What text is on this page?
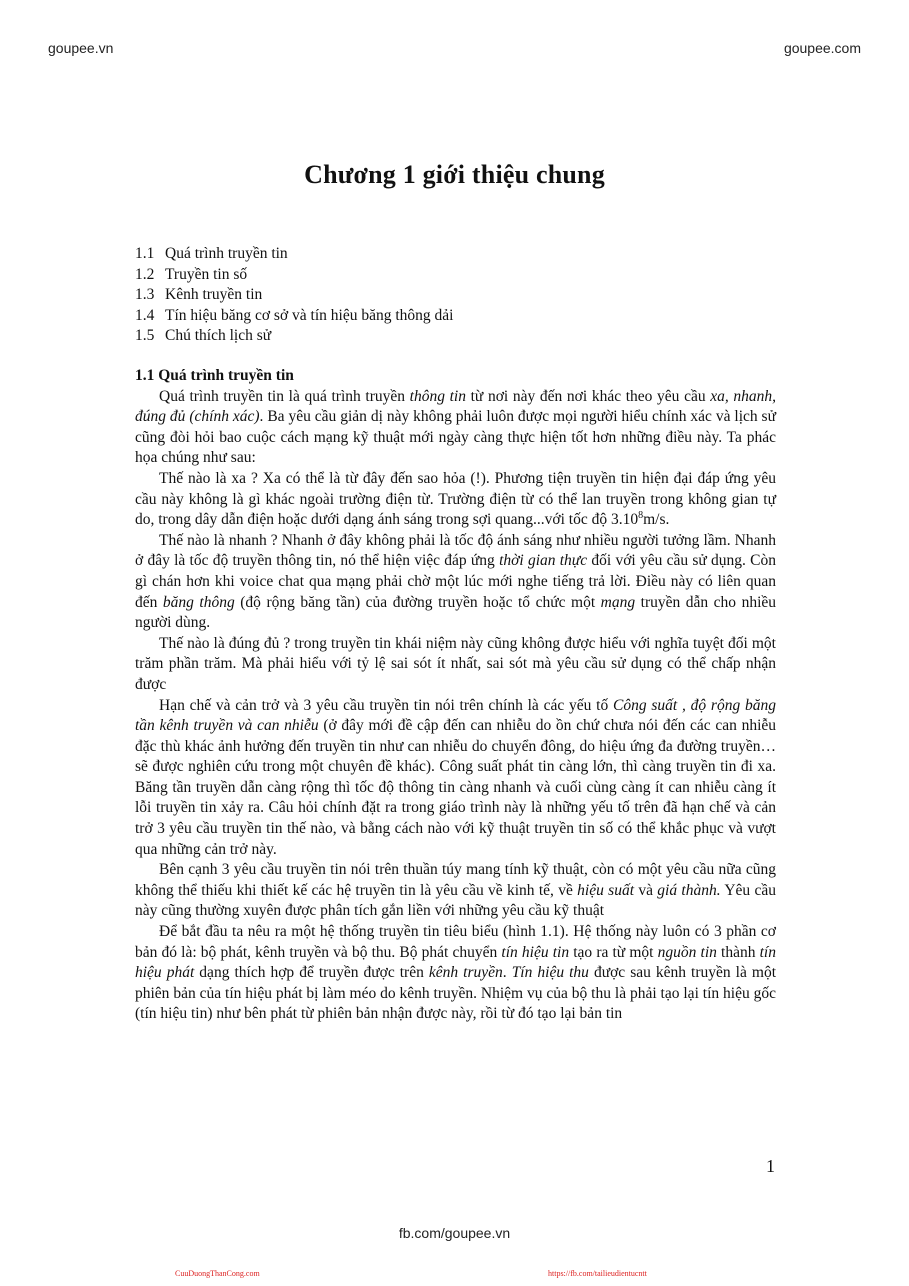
goupee.vn	goupee.com
Chương 1 giới thiệu chung
1.1 Quá trình truyền tin
1.2 Truyền tin số
1.3 Kênh truyền tin
1.4 Tín hiệu băng cơ sở và tín hiệu băng thông dải
1.5 Chú thích lịch sử
1.1 Quá trình truyền tin

Quá trình truyền tin là quá trình truyền thông tin từ nơi này đến nơi khác theo yêu cầu xa, nhanh, đúng đủ (chính xác). Ba yêu cầu giản dị này không phải luôn được mọi người hiểu chính xác và lịch sử cũng đòi hỏi bao cuộc cách mạng kỹ thuật mới ngày càng thực hiện tốt hơn những điều này. Ta phác họa chúng như sau:

Thế nào là xa ? Xa có thể là từ đây đến sao hỏa (!). Phương tiện truyền tin hiện đại đáp ứng yêu cầu này không là gì khác ngoài trường điện từ. Trường điện từ có thể lan truyền trong không gian tự do, trong dây dẫn điện hoặc dưới dạng ánh sáng trong sợi quang...với tốc độ 3.10$^8$m/s.

Thế nào là nhanh ? Nhanh ở đây không phải là tốc độ ánh sáng như nhiều người tưởng lầm. Nhanh ở đây là tốc độ truyền thông tin, nó thể hiện việc đáp ứng thời gian thực đối với yêu cầu sử dụng. Còn gì chán hơn khi voice chat qua mạng phải chờ một lúc mới nghe tiếng trả lời. Điều này có liên quan đến băng thông (độ rộng băng tần) của đường truyền hoặc tổ chức một mạng truyền dẫn cho nhiều người dùng.

Thế nào là đúng đủ ? trong truyền tin khái niệm này cũng không được hiểu với nghĩa tuyệt đối một trăm phần trăm. Mà phải hiểu với tỷ lệ sai sót ít nhất, sai sót mà yêu cầu sử dụng có thể chấp nhận được

Hạn chế và cản trở và 3 yêu cầu truyền tin nói trên chính là các yếu tố Công suất , độ rộng băng tần kênh truyền và can nhiễu (ở đây mới đề cập đến can nhiễu do ồn chứ chưa nói đến các can nhiễu đặc thù khác ảnh hưởng đến truyền tin như can nhiễu do chuyển đông, do hiệu ứng đa đường truyền…sẽ được nghiên cứu trong một chuyên đề khác). Công suất phát tin càng lớn, thì càng truyền tin đi xa. Băng tần truyền dẫn càng rộng thì tốc độ thông tin càng nhanh và cuối cùng càng ít can nhiễu càng ít lỗi truyền tin xảy ra. Câu hỏi chính đặt ra trong giáo trình này là những yếu tố trên đã hạn chế và cản trở 3 yêu cầu truyền tin thế nào, và bằng cách nào với kỹ thuật truyền tin số có thể khắc phục và vượt qua những cản trở này.

Bên cạnh 3 yêu cầu truyền tin nói trên thuần túy mang tính kỹ thuật, còn có một yêu cầu nữa cũng không thể thiếu khi thiết kế các hệ truyền tin là yêu cầu về kinh tế, về hiệu suất và giá thành. Yêu cầu này cũng thường xuyên được phân tích gắn liền với những yêu cầu kỹ thuật

Để bắt đầu ta nêu ra một hệ thống truyền tin tiêu biểu (hình 1.1). Hệ thống này luôn có 3 phần cơ bản đó là: bộ phát, kênh truyền và bộ thu. Bộ phát chuyển tín hiệu tin tạo ra từ một nguồn tin thành tín hiệu phát dạng thích hợp để truyền được trên kênh truyền. Tín hiệu thu được sau kênh truyền là một phiên bản của tín hiệu phát bị làm méo do kênh truyền. Nhiệm vụ của bộ thu là phải tạo lại tín hiệu gốc (tín hiệu tin) như bên phát từ phiên bản nhận được này, rồi từ đó tạo lại bản tin

1
fb.com/goupee.vn
CuuDuongThanCong.com	https://fb.com/tailieudientucntt
